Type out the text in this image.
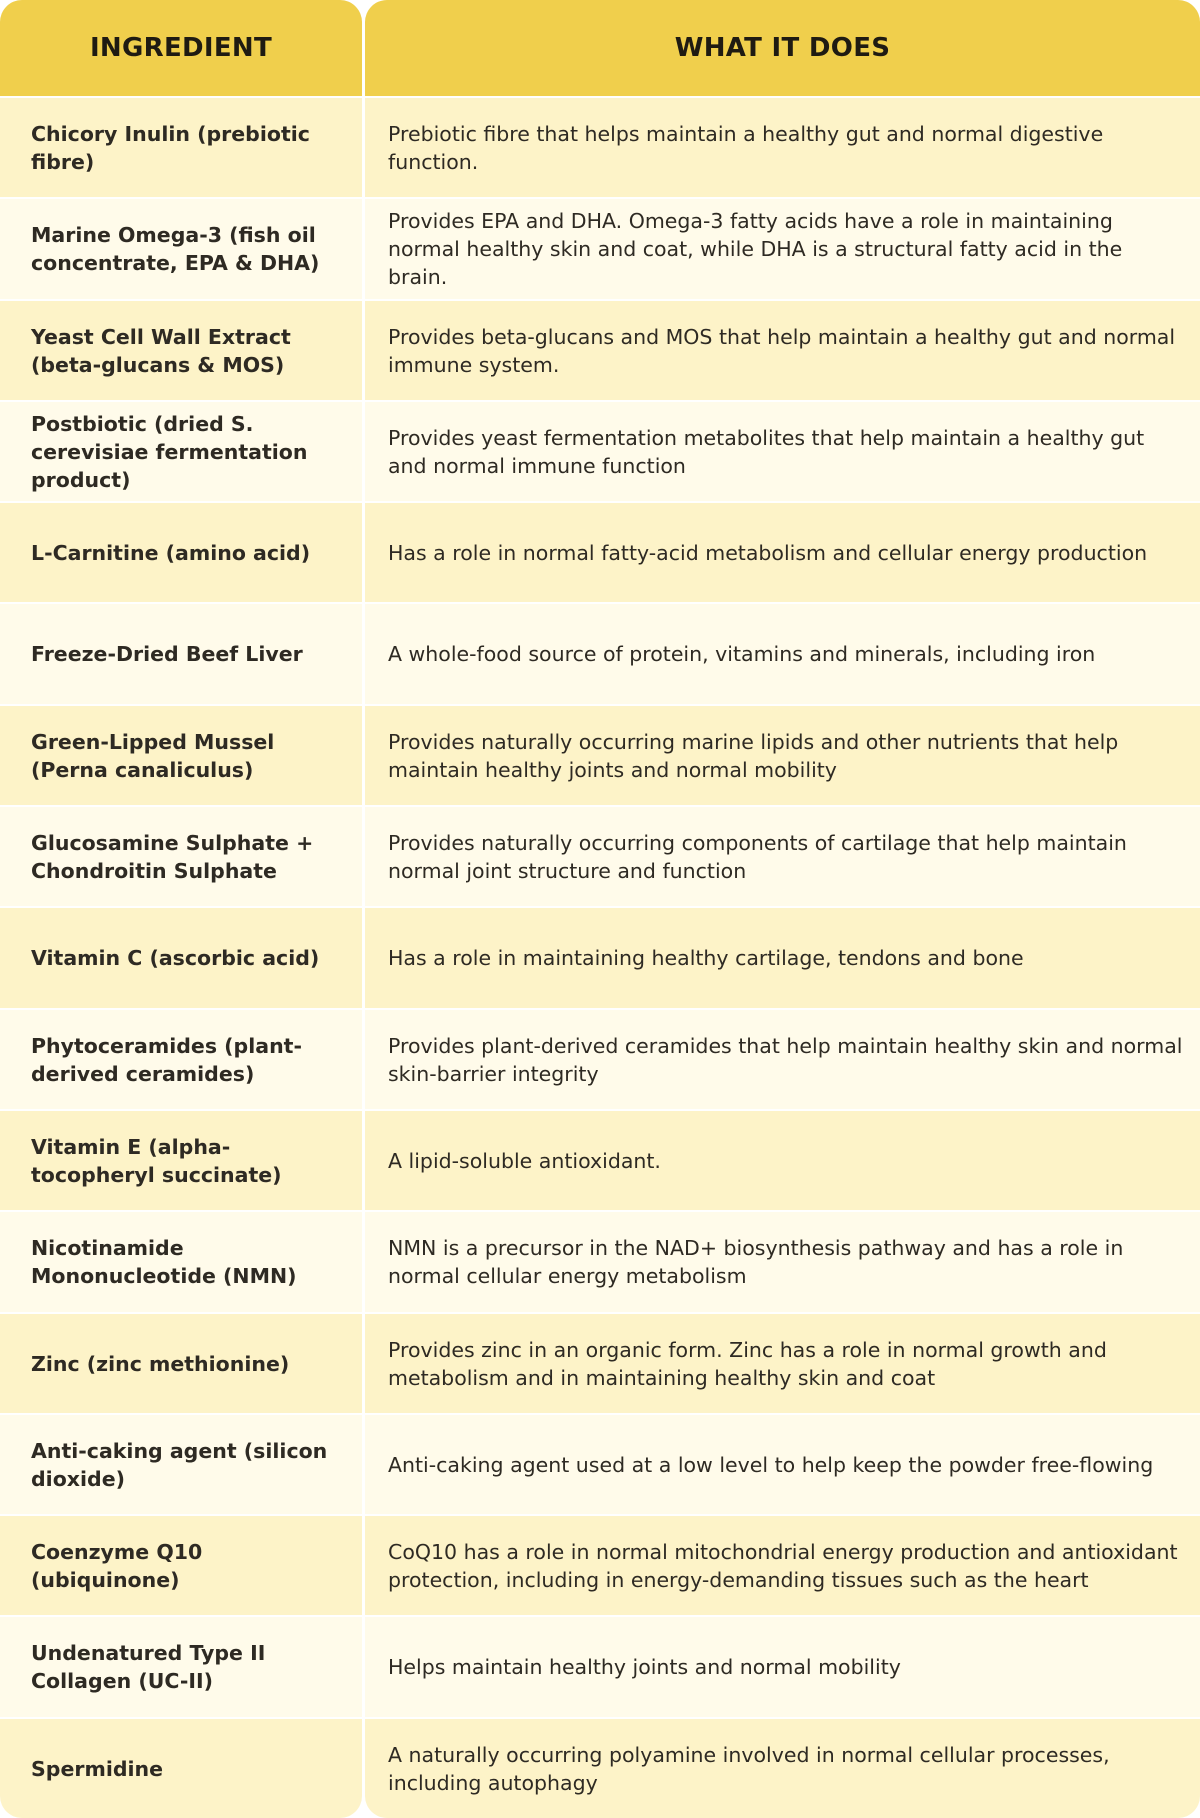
INGREDIENT
Chicory Inulin (prebiotic fibre)
Marine Omega-3 (fish oil concentrate, EPA & DHA)
Yeast Cell Wall Extract (beta-glucans & MOS)
Postbiotic (dried S. cerevisiae fermentation product)
L-Carnitine (amino acid)
Freeze-Dried Beef Liver
Green-Lipped Mussel (Perna canaliculus)
Glucosamine Sulphate + Chondroitin Sulphate
Vitamin C (ascorbic acid)
Phytoceramides (plant-derived ceramides)
Vitamin E (alpha-tocopheryl succinate)
Nicotinamide Mononucleotide (NMN)
Zinc (zinc methionine)
Anti-caking agent (silicon dioxide)
Coenzyme Q10 (ubiquinone)
Undenatured Type II Collagen (UC-II)
Spermidine
WHAT IT DOES
Prebiotic fibre that helps maintain a healthy gut and normal digestive function.
Provides EPA and DHA. Omega-3 fatty acids have a role in maintaining normal healthy skin and coat, while DHA is a structural fatty acid in the brain.
Provides beta-glucans and MOS that help maintain a healthy gut and normal immune system.
Provides yeast fermentation metabolites that help maintain a healthy gut and normal immune function
Has a role in normal fatty-acid metabolism and cellular energy production
A whole-food source of protein, vitamins and minerals, including iron
Provides naturally occurring marine lipids and other nutrients that help maintain healthy joints and normal mobility
Provides naturally occurring components of cartilage that help maintain normal joint structure and function
Has a role in maintaining healthy cartilage, tendons and bone
Provides plant-derived ceramides that help maintain healthy skin and normal skin-barrier integrity
A lipid-soluble antioxidant.
NMN is a precursor in the NAD+ biosynthesis pathway and has a role in normal cellular energy metabolism
Provides zinc in an organic form. Zinc has a role in normal growth and metabolism and in maintaining healthy skin and coat
Anti-caking agent used at a low level to help keep the powder free-flowing
CoQ10 has a role in normal mitochondrial energy production and antioxidant protection, including in energy-demanding tissues such as the heart
Helps maintain healthy joints and normal mobility
A naturally occurring polyamine involved in normal cellular processes, including autophagy
